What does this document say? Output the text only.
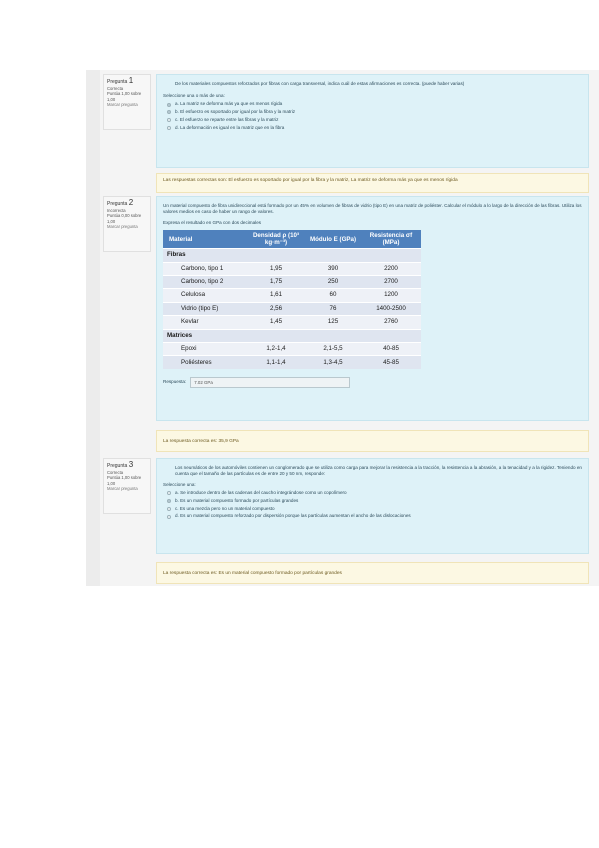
Pregunta 1
Correcta
Puntúa 1,00 sobre 1,00
Marcar pregunta
De los materiales compuestos reforzados por fibras con carga transversal, indica cuál de estas afirmaciones es correcta. (puede haber varias)
Seleccione una o más de una:
a. La matriz se deforma más ya que es menos rígida
b. El esfuerzo es soportado por igual por la fibra y la matriz
c. El esfuerzo se reparte entre las fibras y la matriz
d. La deformación es igual en la matriz que en la fibra
Las respuestas correctas son: El esfuerzo es soportado por igual por la fibra y la matriz, La matriz se deforma más ya que es menos rígida
Pregunta 2
Incorrecta
Puntúa 0,00 sobre 1,00
Marcar pregunta
Un material compuesto de fibra unidireccional está formado por un 45% en volumen de fibras de vidrio (tipo E) en una matriz de poliéster. Calcular el módulo a lo largo de la dirección de las fibras. Utiliza los valores medios en caso de haber un rango de valores.
Expresa el resultado en GPa con dos decimales
Material	Densidad ρ (10³ kg·m⁻³)	Módulo E (GPa)	Resistencia σf (MPa)
Fibras			
Carbono, tipo 1	1,95	390	2200
Carbono, tipo 2	1,75	250	2700
Celulosa	1,61	60	1200
Vidrio (tipo E)	2,56	76	1400-2500
Kevlar	1,45	125	2760
Matrices			
Epoxi	1,2-1,4	2,1-5,5	40-85
Poliésteres	1,1-1,4	1,3-4,5	45-85
Respuesta:	7.02 GPa
La respuesta correcta es: 35,9 GPa
Pregunta 3
Correcta
Puntúa 1,00 sobre 1,00
Marcar pregunta
Los neumáticos de los automóviles contienen un conglomerado que se utiliza como carga para mejorar la resistencia a la tracción, la resistencia a la abrasión, a la tenacidad y a la rigidez. Teniendo en cuenta que el tamaño de las partículas es de entre 20 y 50 nm, responde:
Seleccione una:
a. Se introduce dentro de las cadenas del caucho integrándose como un copolímero
b. Es un material compuesto formado por partículas grandes
c. Es una mezcla pero no un material compuesto
d. Es un material compuesto reforzado por dispersión porque las partículas aumentan el ancho de las dislocaciones
La respuesta correcta es: Es un material compuesto formado por partículas grandes
